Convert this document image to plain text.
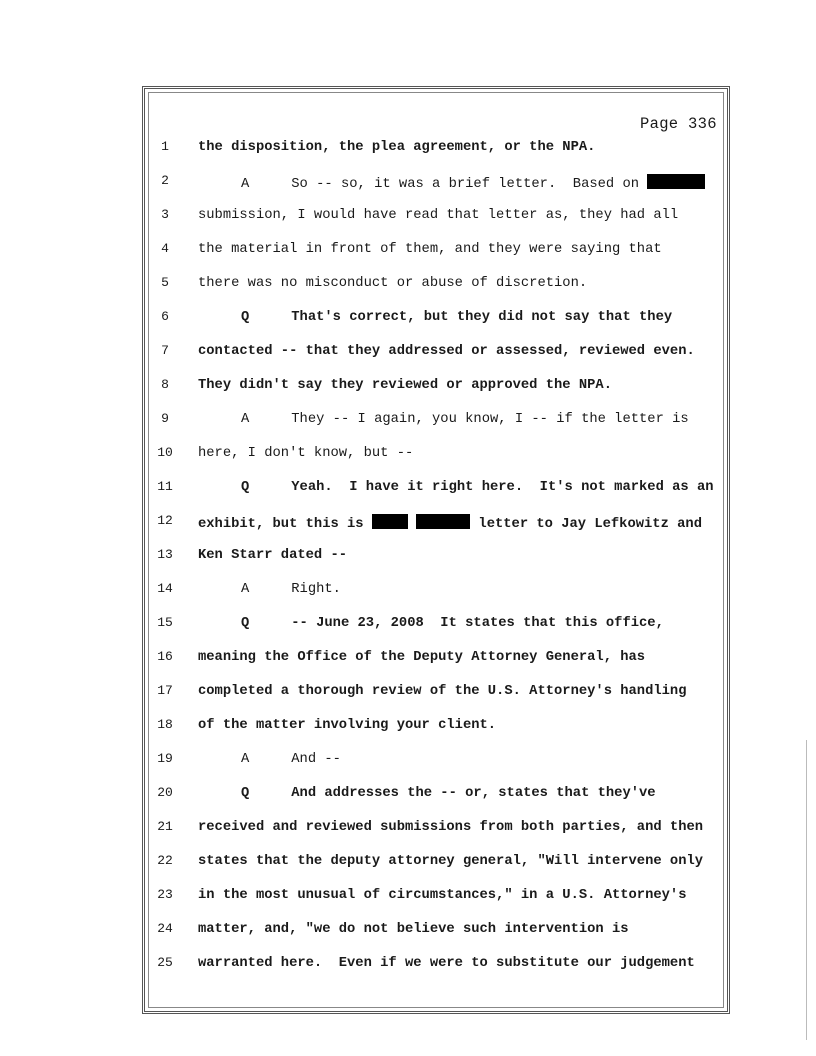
Page 336

1

	the disposition, the plea agreement, or the NPA.

2

	A	So -- so, it was a brief letter.  Based on

3

	submission, I would have read that letter as, they had all

4

	the material in front of them, and they were saying that

5

	there was no misconduct or abuse of discretion.

6

	Q	That's correct, but they did not say that they

7

	contacted -- that they addressed or assessed, reviewed even.

8

	They didn't say they reviewed or approved the NPA.

9

	A	They -- I again, you know, I -- if the letter is

10

	here, I don't know, but --

11

	Q	Yeah.  I have it right here.  It's not marked as an

12

	exhibit, but this is	letter to Jay Lefkowitz and

13

	Ken Starr dated --

14

	A	Right.

15

	Q	-- June 23, 2008  It states that this office,

16

	meaning the Office of the Deputy Attorney General, has

17

	completed a thorough review of the U.S. Attorney's handling

18

	of the matter involving your client.

19

	A	And --

20

	Q	And addresses the -- or, states that they've

21

	received and reviewed submissions from both parties, and then

22

	states that the deputy attorney general, "Will intervene only

23

	in the most unusual of circumstances," in a U.S. Attorney's

24

	matter, and, "we do not believe such intervention is

25

	warranted here.  Even if we were to substitute our judgement
